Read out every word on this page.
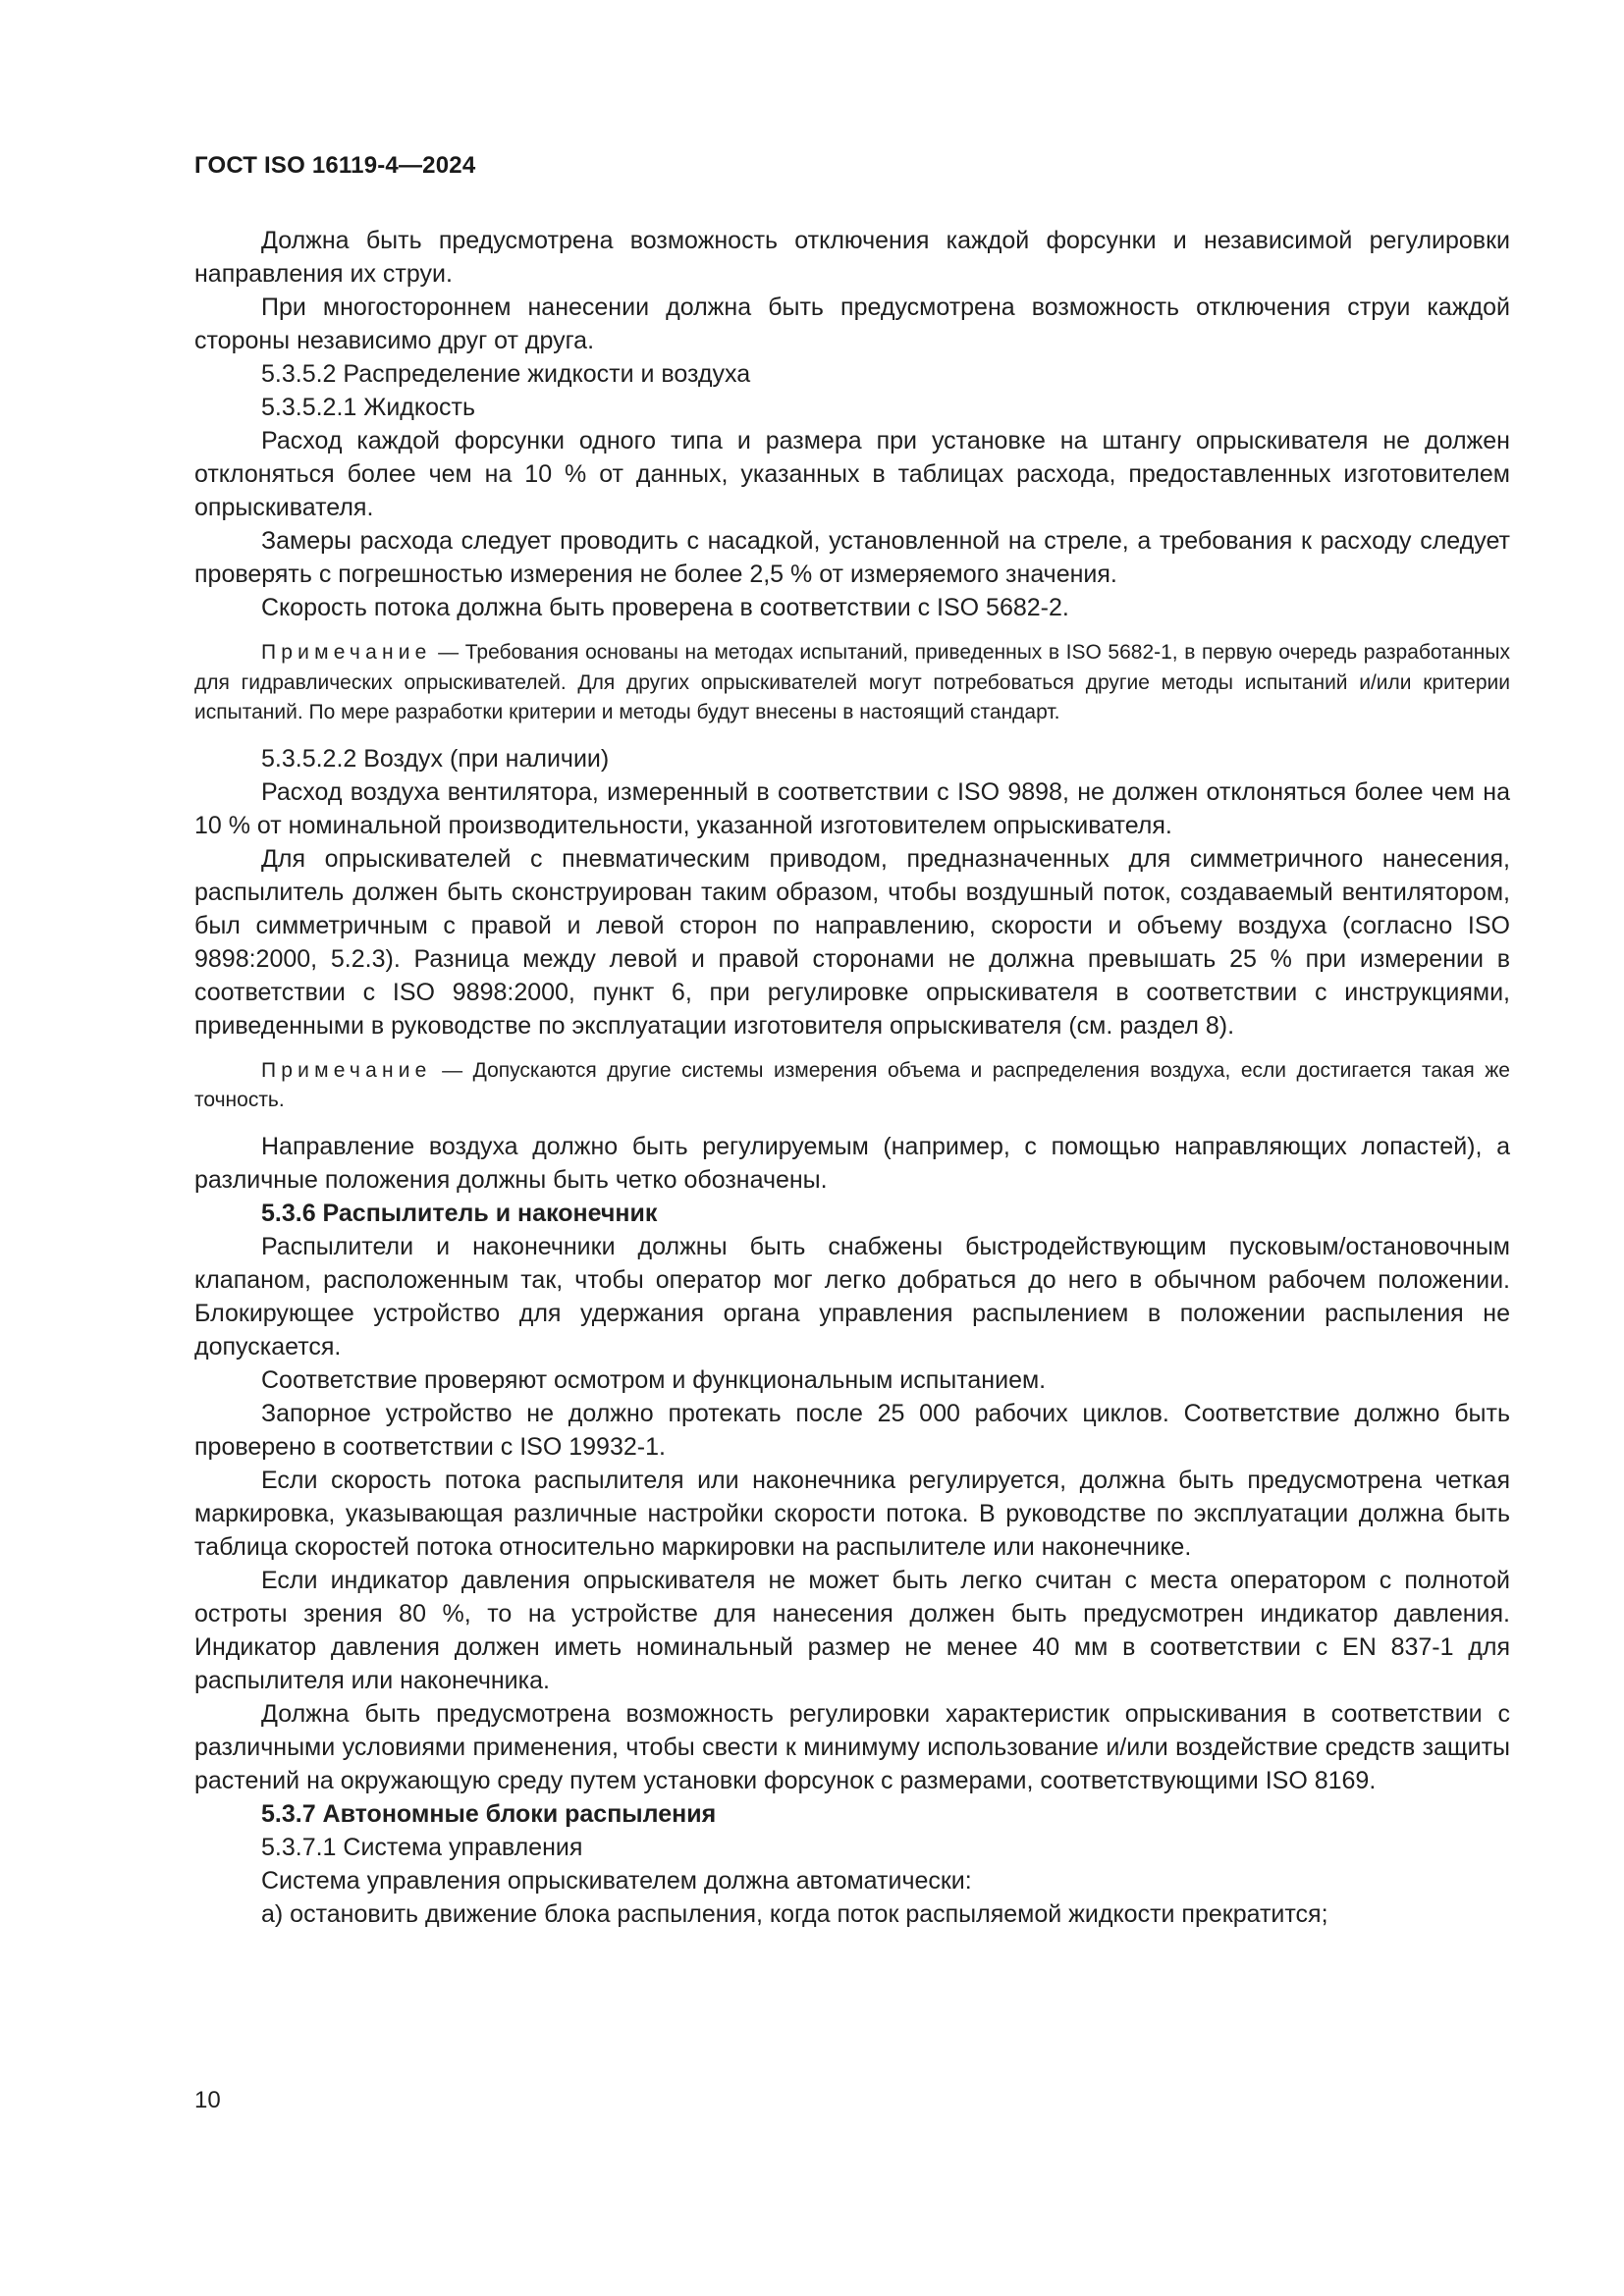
ГОСТ ISO 16119-4—2024

Должна быть предусмотрена возможность отключения каждой форсунки и независимой регулировки направления их струи.

При многостороннем нанесении должна быть предусмотрена возможность отключения струи каждой стороны независимо друг от друга.

5.3.5.2 Распределение жидкости и воздуха

5.3.5.2.1 Жидкость

Расход каждой форсунки одного типа и размера при установке на штангу опрыскивателя не должен отклоняться более чем на 10 % от данных, указанных в таблицах расхода, предоставленных изготовителем опрыскивателя.

Замеры расхода следует проводить с насадкой, установленной на стреле, а требования к расходу следует проверять с погрешностью измерения не более 2,5 % от измеряемого значения.

Скорость потока должна быть проверена в соответствии с ISO 5682-2.

Примечание — Требования основаны на методах испытаний, приведенных в ISO 5682-1, в первую очередь разработанных для гидравлических опрыскивателей. Для других опрыскивателей могут потребоваться другие методы испытаний и/или критерии испытаний. По мере разработки критерии и методы будут внесены в настоящий стандарт.

5.3.5.2.2 Воздух (при наличии)

Расход воздуха вентилятора, измеренный в соответствии с ISO 9898, не должен отклоняться более чем на 10 % от номинальной производительности, указанной изготовителем опрыскивателя.

Для опрыскивателей с пневматическим приводом, предназначенных для симметричного нанесения, распылитель должен быть сконструирован таким образом, чтобы воздушный поток, создаваемый вентилятором, был симметричным с правой и левой сторон по направлению, скорости и объему воздуха (согласно ISO 9898:2000, 5.2.3). Разница между левой и правой сторонами не должна превышать 25 % при измерении в соответствии с ISO 9898:2000, пункт 6, при регулировке опрыскивателя в соответствии с инструкциями, приведенными в руководстве по эксплуатации изготовителя опрыскивателя (см. раздел 8).

Примечание — Допускаются другие системы измерения объема и распределения воздуха, если достигается такая же точность.

Направление воздуха должно быть регулируемым (например, с помощью направляющих лопастей), а различные положения должны быть четко обозначены.

5.3.6 Распылитель и наконечник

Распылители и наконечники должны быть снабжены быстродействующим пусковым/остановочным клапаном, расположенным так, чтобы оператор мог легко добраться до него в обычном рабочем положении. Блокирующее устройство для удержания органа управления распылением в положении распыления не допускается.

Соответствие проверяют осмотром и функциональным испытанием.

Запорное устройство не должно протекать после 25 000 рабочих циклов. Соответствие должно быть проверено в соответствии с ISO 19932-1.

Если скорость потока распылителя или наконечника регулируется, должна быть предусмотрена четкая маркировка, указывающая различные настройки скорости потока. В руководстве по эксплуатации должна быть таблица скоростей потока относительно маркировки на распылителе или наконечнике.

Если индикатор давления опрыскивателя не может быть легко считан с места оператором с полнотой остроты зрения 80 %, то на устройстве для нанесения должен быть предусмотрен индикатор давления. Индикатор давления должен иметь номинальный размер не менее 40 мм в соответствии с EN 837-1 для распылителя или наконечника.

Должна быть предусмотрена возможность регулировки характеристик опрыскивания в соответствии с различными условиями применения, чтобы свести к минимуму использование и/или воздействие средств защиты растений на окружающую среду путем установки форсунок с размерами, соответствующими ISO 8169.

5.3.7 Автономные блоки распыления

5.3.7.1 Система управления

Система управления опрыскивателем должна автоматически:

а) остановить движение блока распыления, когда поток распыляемой жидкости прекратится;

10
